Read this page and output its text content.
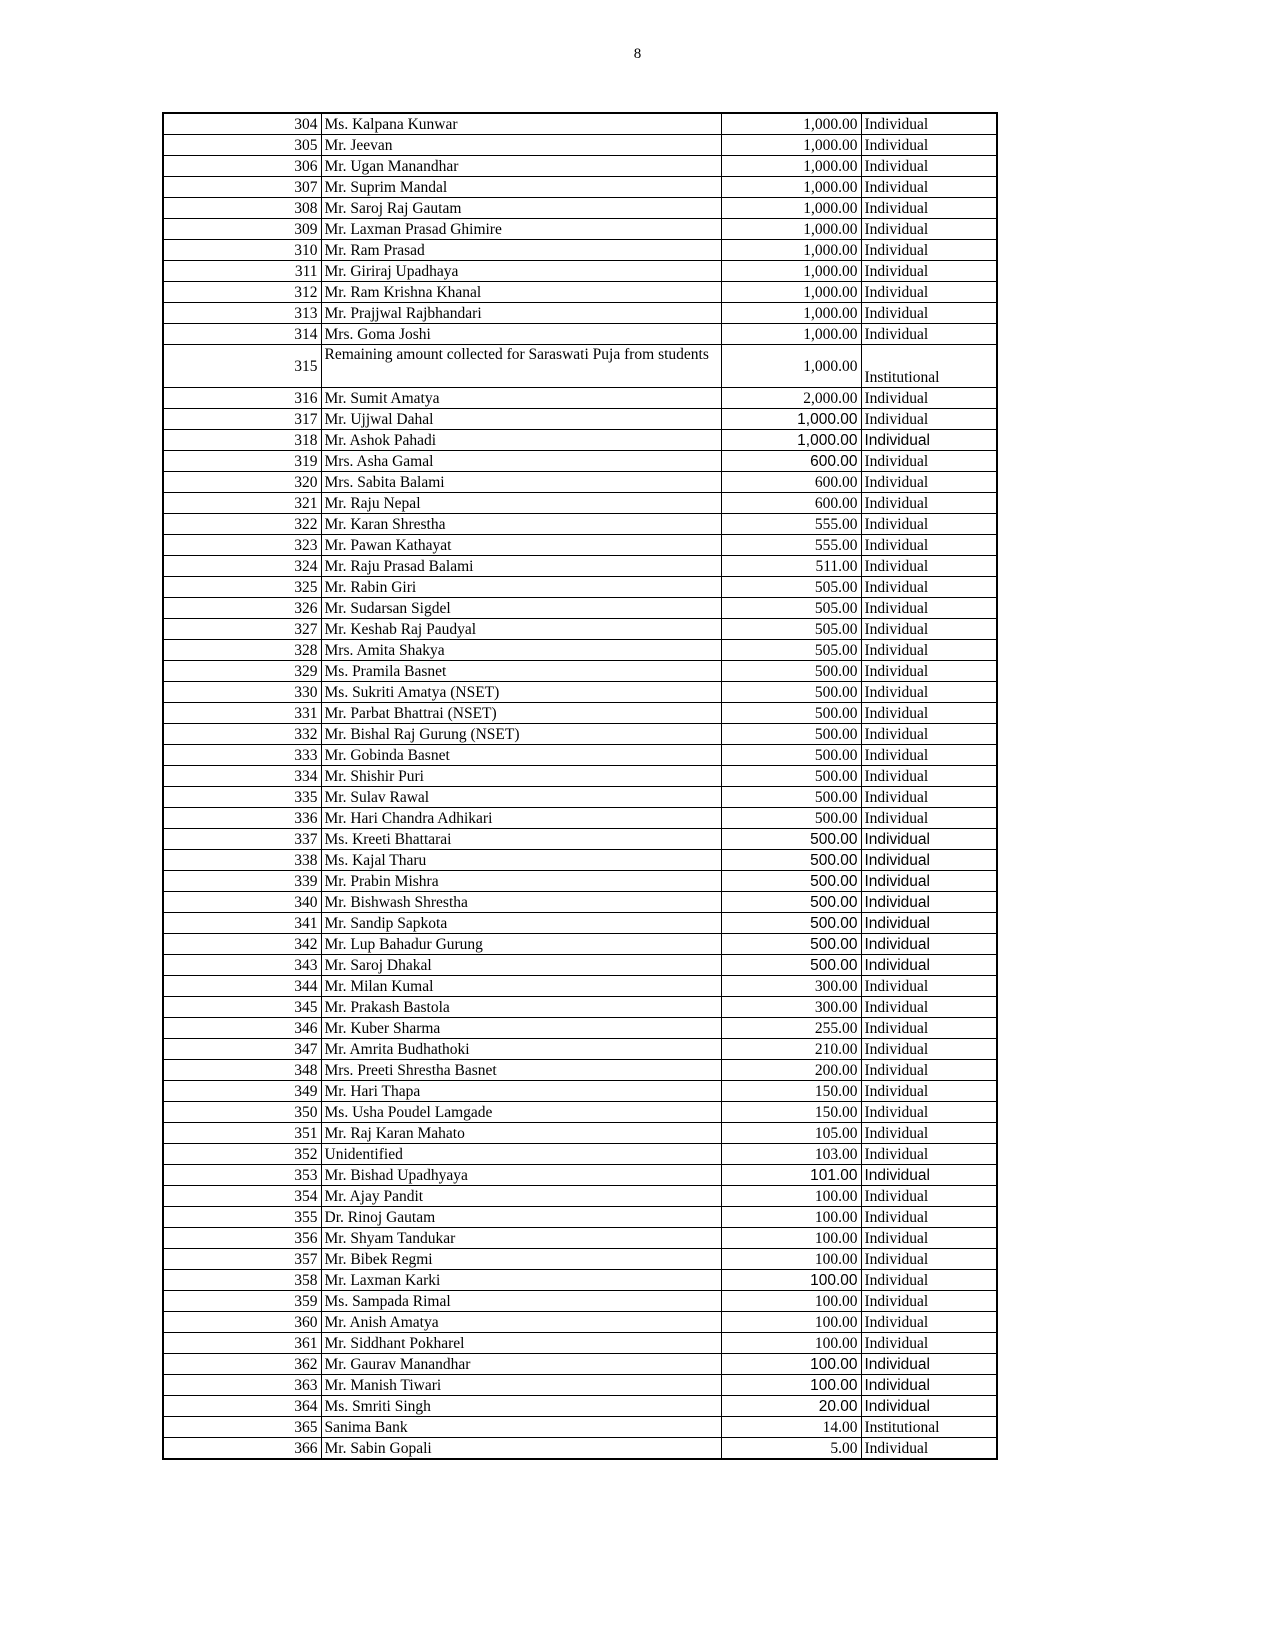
8
304	Ms. Kalpana Kunwar	1,000.00	Individual
305	Mr. Jeevan	1,000.00	Individual
306	Mr. Ugan Manandhar	1,000.00	Individual
307	Mr. Suprim Mandal	1,000.00	Individual
308	Mr. Saroj Raj Gautam	1,000.00	Individual
309	Mr. Laxman Prasad Ghimire	1,000.00	Individual
310	Mr. Ram Prasad	1,000.00	Individual
311	Mr. Giriraj Upadhaya	1,000.00	Individual
312	Mr. Ram Krishna Khanal	1,000.00	Individual
313	Mr. Prajjwal Rajbhandari	1,000.00	Individual
314	Mrs. Goma Joshi	1,000.00	Individual
315	Remaining amount collected for Saraswati Puja from students	1,000.00	Institutional
316	Mr. Sumit Amatya	2,000.00	Individual
317	Mr. Ujjwal Dahal	1,000.00	Individual
318	Mr. Ashok Pahadi	1,000.00	Individual
319	Mrs. Asha Gamal	600.00	Individual
320	Mrs. Sabita Balami	600.00	Individual
321	Mr. Raju Nepal	600.00	Individual
322	Mr. Karan Shrestha	555.00	Individual
323	Mr. Pawan Kathayat	555.00	Individual
324	Mr. Raju Prasad Balami	511.00	Individual
325	Mr. Rabin Giri	505.00	Individual
326	Mr. Sudarsan Sigdel	505.00	Individual
327	Mr. Keshab Raj Paudyal	505.00	Individual
328	Mrs. Amita Shakya	505.00	Individual
329	Ms. Pramila Basnet	500.00	Individual
330	Ms. Sukriti Amatya (NSET)	500.00	Individual
331	Mr. Parbat Bhattrai (NSET)	500.00	Individual
332	Mr. Bishal Raj Gurung (NSET)	500.00	Individual
333	Mr. Gobinda Basnet	500.00	Individual
334	Mr. Shishir Puri	500.00	Individual
335	Mr. Sulav Rawal	500.00	Individual
336	Mr. Hari Chandra Adhikari	500.00	Individual
337	Ms. Kreeti Bhattarai	500.00	Individual
338	Ms. Kajal Tharu	500.00	Individual
339	Mr. Prabin Mishra	500.00	Individual
340	Mr. Bishwash Shrestha	500.00	Individual
341	Mr. Sandip Sapkota	500.00	Individual
342	Mr. Lup Bahadur Gurung	500.00	Individual
343	Mr. Saroj Dhakal	500.00	Individual
344	Mr. Milan Kumal	300.00	Individual
345	Mr. Prakash Bastola	300.00	Individual
346	Mr. Kuber Sharma	255.00	Individual
347	Mr. Amrita Budhathoki	210.00	Individual
348	Mrs. Preeti Shrestha Basnet	200.00	Individual
349	Mr. Hari Thapa	150.00	Individual
350	Ms. Usha Poudel Lamgade	150.00	Individual
351	Mr. Raj Karan Mahato	105.00	Individual
352	Unidentified	103.00	Individual
353	Mr. Bishad Upadhyaya	101.00	Individual
354	Mr. Ajay Pandit	100.00	Individual
355	Dr. Rinoj Gautam	100.00	Individual
356	Mr. Shyam Tandukar	100.00	Individual
357	Mr. Bibek Regmi	100.00	Individual
358	Mr. Laxman Karki	100.00	Individual
359	Ms. Sampada Rimal	100.00	Individual
360	Mr. Anish Amatya	100.00	Individual
361	Mr. Siddhant Pokharel	100.00	Individual
362	Mr. Gaurav Manandhar	100.00	Individual
363	Mr. Manish Tiwari	100.00	Individual
364	Ms. Smriti Singh	20.00	Individual
365	Sanima Bank	14.00	Institutional
366	Mr. Sabin Gopali	5.00	Individual
